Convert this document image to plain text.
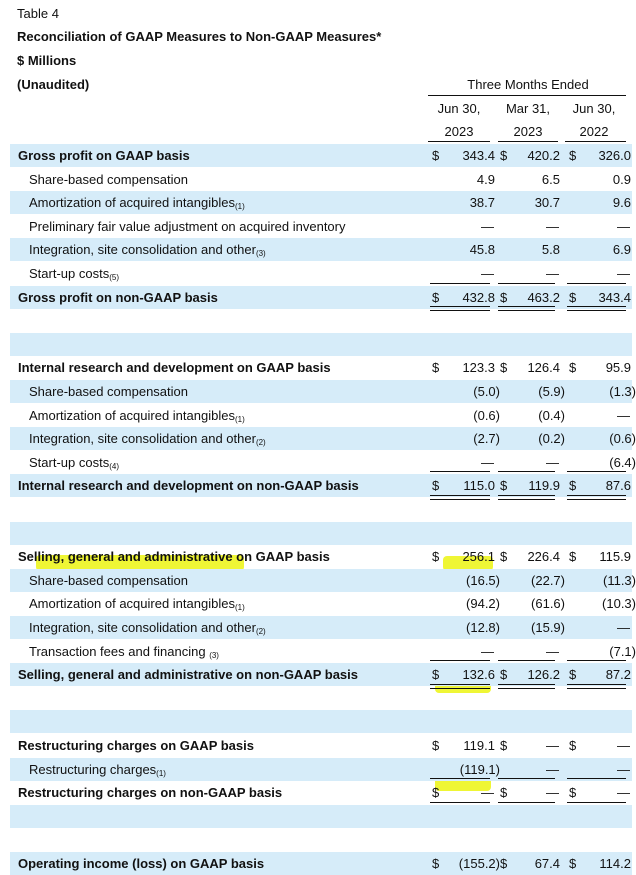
Table 4
Reconciliation of GAAP Measures to Non-GAAP Measures*
$ Millions
(Unaudited)	Three Months Ended
Jun 30,	Mar 31,	Jun 30,
2023	2023	2022
Gross profit on GAAP basis	$ 343.4 $ 420.2 $ 326.0
Share-based compensation	4.9	6.5	0.9
Amortization of acquired intangibles$_{(1)}$	38.7	30.7	9.6
Preliminary fair value adjustment on acquired inventory	—	—	—
Integration, site consolidation and other$_{(3)}$	45.8	5.8	6.9
Start-up costs$_{(5)}$	—	—	—
Gross profit on non-GAAP basis	$ 432.8 $ 463.2 $ 343.4
Internal research and development on GAAP basis	$ 123.3 $ 126.4 $ 95.9
Share-based compensation	(5.0)	(5.9)	(1.3)
Amortization of acquired intangibles$_{(1)}$	(0.6)	(0.4)	—
Integration, site consolidation and other$_{(2)}$	(2.7)	(0.2)	(0.6)
Start-up costs$_{(4)}$	—	—	(6.4)
Internal research and development on non-GAAP basis	$ 115.0 $ 119.9 $ 87.6
Selling, general and administrative on GAAP basis	$ 256.1 $ 226.4 $ 115.9
Share-based compensation	(16.5) (22.7)	(11.3)
Amortization of acquired intangibles$_{(1)}$	(94.2) (61.6)	(10.3)
Integration, site consolidation and other$_{(2)}$	(12.8) (15.9)	—
Transaction fees and financing $_{(3)}$	—	—	(7.1)
Selling, general and administrative on non-GAAP basis	$ 132.6 $ 126.2 $ 87.2
Restructuring charges on GAAP basis	$ 119.1 $	— $	—
Restructuring charges$_{(1)}$	(119.1)	—	—
Restructuring charges on non-GAAP basis	$	— $	— $	—
Operating income (loss) on GAAP basis	$ (155.2) $ 67.4 $ 114.2
